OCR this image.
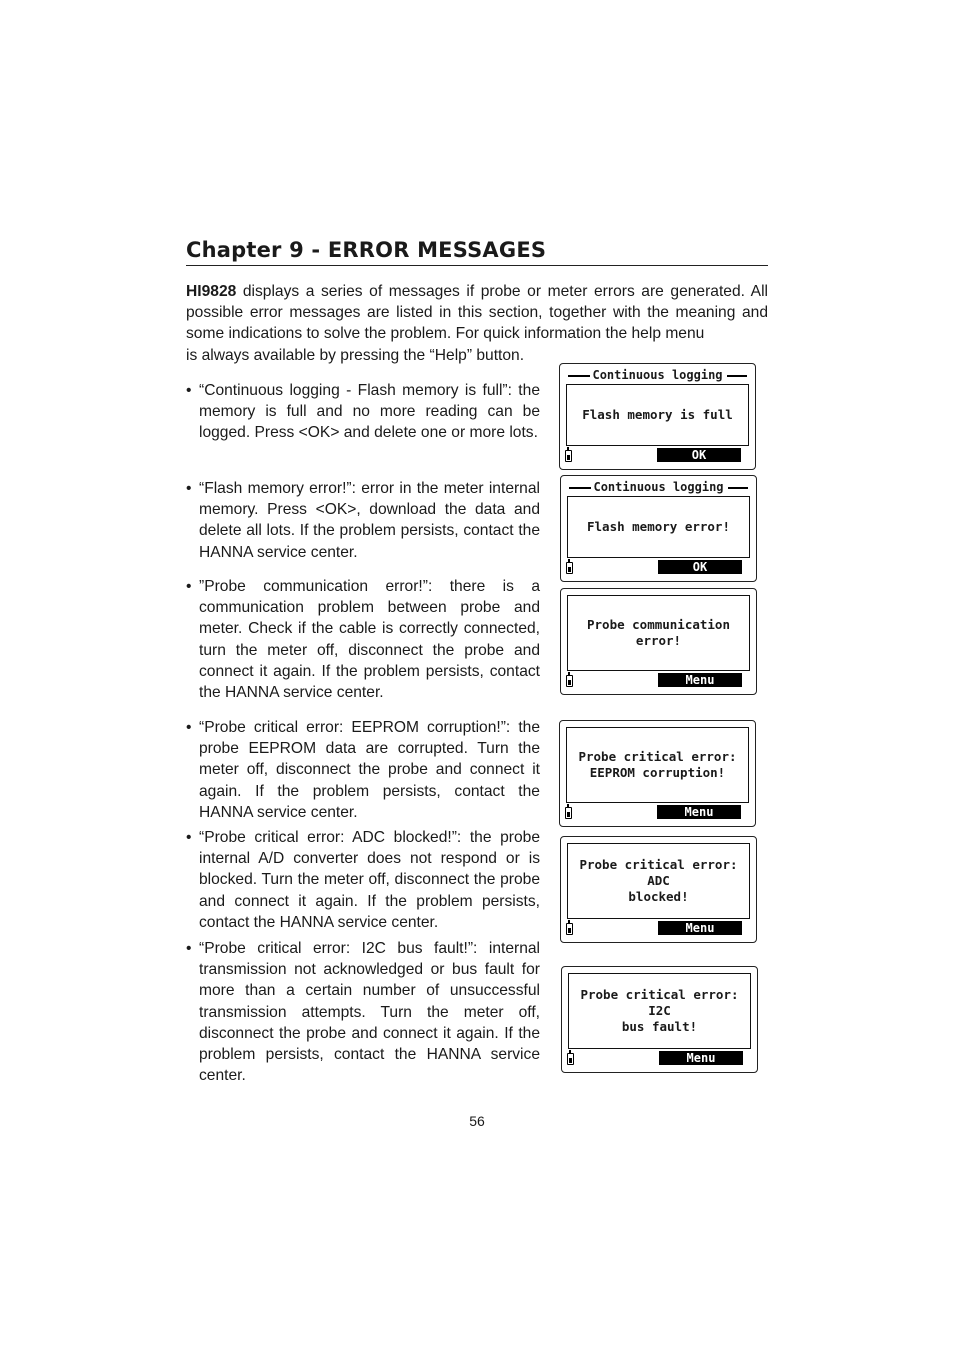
Chapter 9 - ERROR MESSAGES
HI9828 displays a series of messages if probe or meter errors are generated. All possible error messages are listed in this section, together with the meaning and some indications to solve the problem. For quick information the help menu
is always available by pressing the “Help” button.
• “Continuous logging - Flash memory is full”: the memory is full and no more reading can be logged. Press <OK> and delete one or more lots.
• “Flash memory error!”: error in the meter internal memory. Press <OK>, download the data and delete all lots. If the problem persists, contact the HANNA service center.
• ”Probe communication error!”: there is a communication problem between probe and meter. Check if the cable is correctly connected, turn the meter off, disconnect the probe and connect it again. If the problem persists, contact the HANNA service center.
• “Probe critical error: EEPROM corruption!”: the probe EEPROM data are corrupted. Turn the meter off, disconnect the probe and connect it again. If the problem persists, contact the HANNA service center.
• “Probe critical error: ADC blocked!”: the probe internal A/D converter does not respond or is blocked. Turn the meter off, disconnect the probe and connect it again. If the problem persists, contact the HANNA service center.
• “Probe critical error: I2C bus fault!”: internal transmission not acknowledged or bus fault for more than a certain number of unsuccessful transmission attempts. Turn the meter off, disconnect the probe and connect it again. If the problem persists, contact the HANNA service center.
Continuous logging
Flash memory is full
OK
Continuous logging
Flash memory error!
OK
Probe communication
error!
Menu
Probe critical error:
EEPROM corruption!
Menu
Probe critical error: ADC
blocked!
Menu
Probe critical error: I2C
bus fault!
Menu
56
